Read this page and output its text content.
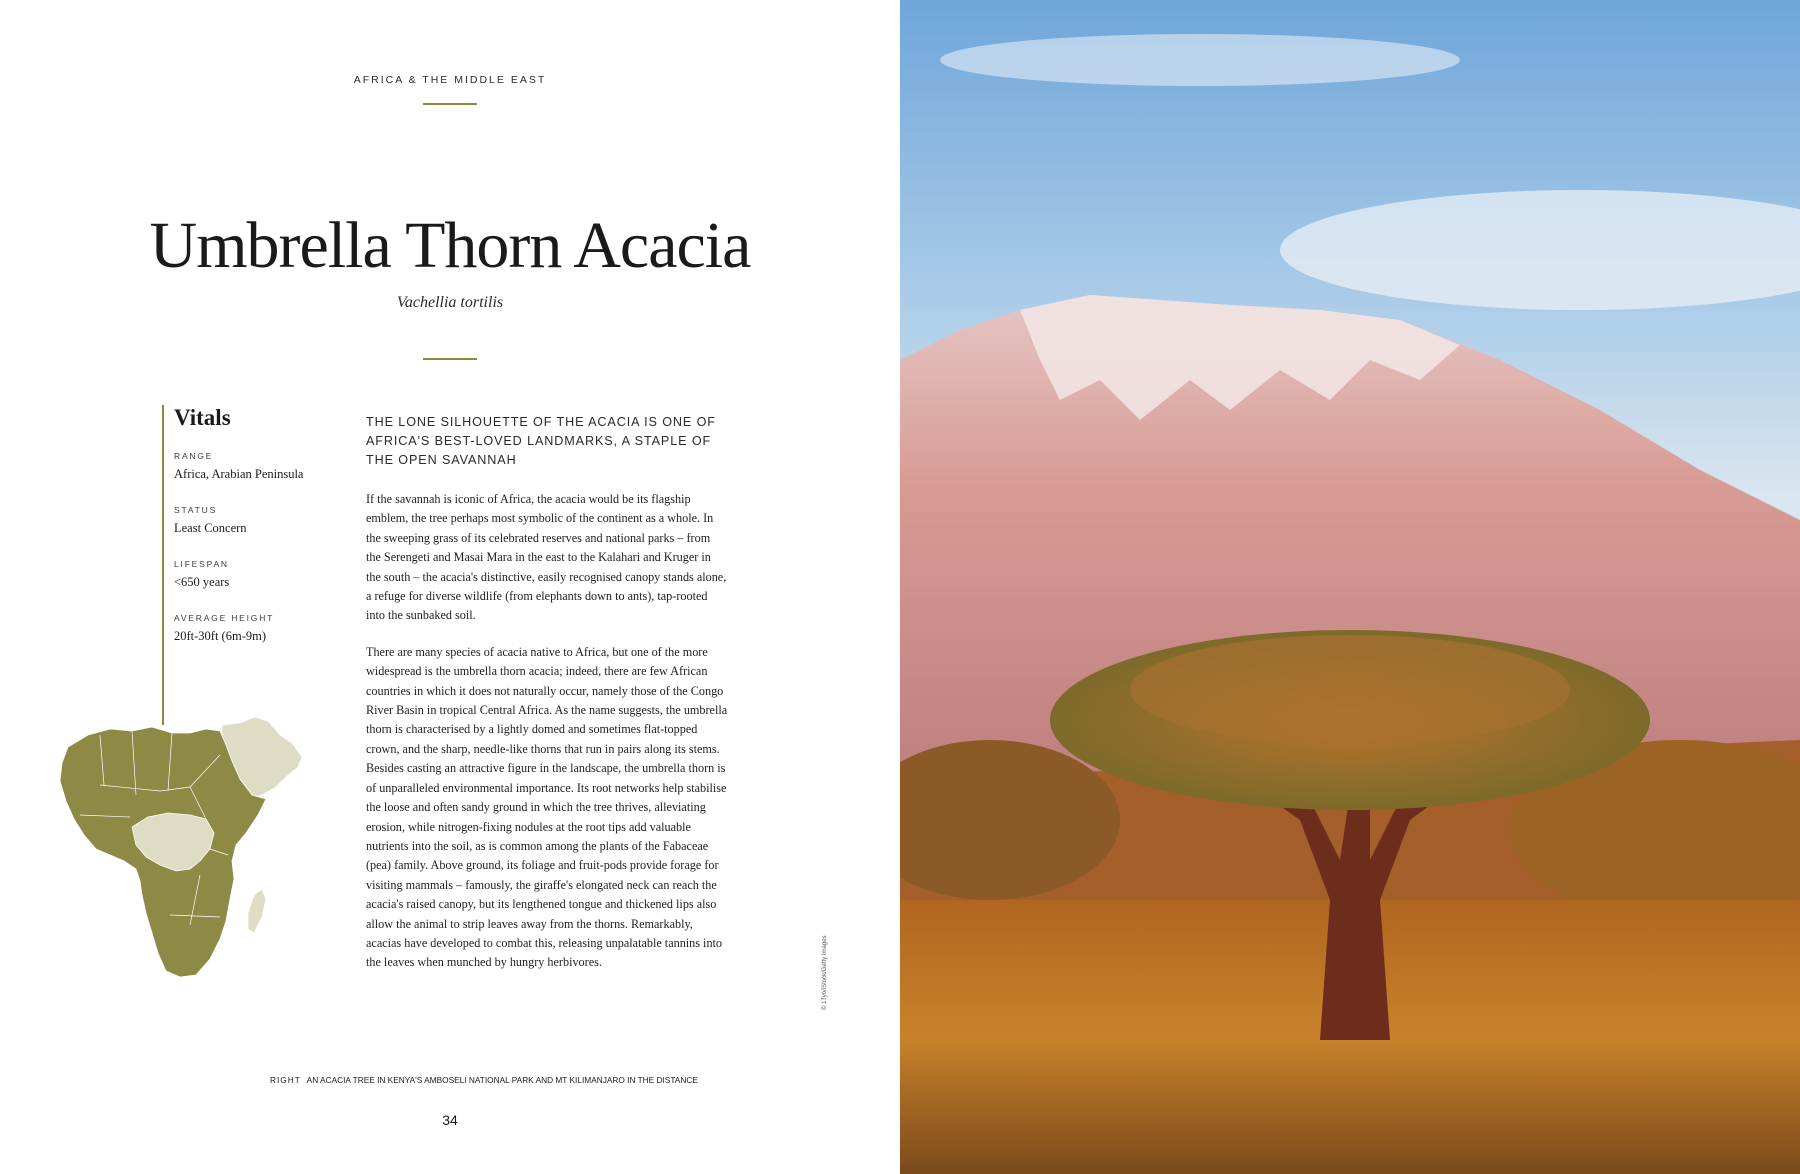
AFRICA & THE MIDDLE EAST
Umbrella Thorn Acacia
Vachellia tortilis
Vitals
RANGE
Africa, Arabian Peninsula
STATUS
Least Concern
LIFESPAN
<650 years
AVERAGE HEIGHT
20ft-30ft (6m-9m)

THE LONE SILHOUETTE OF THE ACACIA IS ONE OF AFRICA'S BEST-LOVED LANDMARKS, A STAPLE OF THE OPEN SAVANNAH

If the savannah is iconic of Africa, the acacia would be its flagship emblem, the tree perhaps most symbolic of the continent as a whole. In the sweeping grass of its celebrated reserves and national parks – from the Serengeti and Masai Mara in the east to the Kalahari and Kruger in the south – the acacia's distinctive, easily recognised canopy stands alone, a refuge for diverse wildlife (from elephants down to ants), tap-rooted into the sunbaked soil.

There are many species of acacia native to Africa, but one of the more widespread is the umbrella thorn acacia; indeed, there are few African countries in which it does not naturally occur, namely those of the Congo River Basin in tropical Central Africa. As the name suggests, the umbrella thorn is characterised by a lightly domed and sometimes flat-topped crown, and the sharp, needle-like thorns that run in pairs along its stems. Besides casting an attractive figure in the landscape, the umbrella thorn is of unparalleled environmental importance. Its root networks help stabilise the loose and often sandy ground in which the tree thrives, alleviating erosion, while nitrogen-fixing nodules at the root tips add valuable nutrients into the soil, as is common among the plants of the Fabaceae (pea) family. Above ground, its foliage and fruit-pods provide forage for visiting mammals – famously, the giraffe's elongated neck can reach the acacia's raised canopy, but its lengthened tongue and thickened lips also allow the animal to strip leaves away from the thorns. Remarkably, acacias have developed to combat this, releasing unpalatable tannins into the leaves when munched by hungry herbivores.

RIGHT AN ACACIA TREE IN KENYA'S AMBOSELI NATIONAL PARK AND MT KILIMANJARO IN THE DISTANCE
34
© 1Tyo/iStock/Getty Images
